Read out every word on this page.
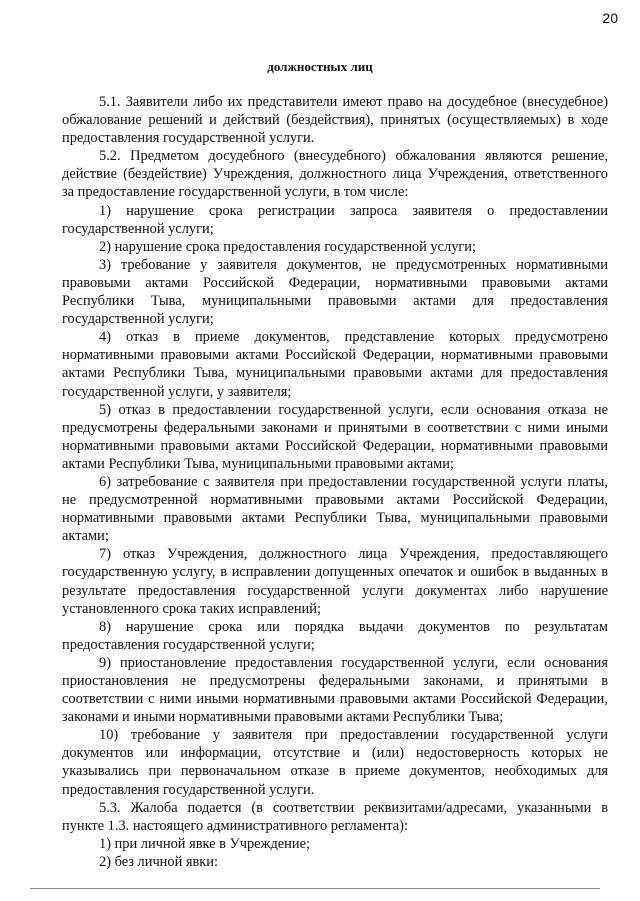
20
должностных лиц

5.1. Заявители либо их представители имеют право на досудебное (внесудебное) обжалование решений и действий (бездействия), принятых (осуществляемых) в ходе предоставления государственной услуги.

5.2. Предметом досудебного (внесудебного) обжалования являются решение, действие (бездействие) Учреждения, должностного лица Учреждения, ответственного за предоставление государственной услуги, в том числе:

1) нарушение срока регистрации запроса заявителя о предоставлении государственной услуги;

2) нарушение срока предоставления государственной услуги;

3) требование у заявителя документов, не предусмотренных нормативными правовыми актами Российской Федерации, нормативными правовыми актами Республики Тыва, муниципальными правовыми актами для предоставления государственной услуги;

4) отказ в приеме документов, представление которых предусмотрено нормативными правовыми актами Российской Федерации, нормативными правовыми актами Республики Тыва, муниципальными правовыми актами для предоставления государственной услуги, у заявителя;

5) отказ в предоставлении государственной услуги, если основания отказа не предусмотрены федеральными законами и принятыми в соответствии с ними иными нормативными правовыми актами Российской Федерации, нормативными правовыми актами Республики Тыва, муниципальными правовыми актами;

6) затребование с заявителя при предоставлении государственной услуги платы, не предусмотренной нормативными правовыми актами Российской Федерации, нормативными правовыми актами Республики Тыва, муниципальными правовыми актами;

7) отказ Учреждения, должностного лица Учреждения, предоставляющего государственную услугу, в исправлении допущенных опечаток и ошибок в выданных в результате предоставления государственной услуги документах либо нарушение установленного срока таких исправлений;

8) нарушение срока или порядка выдачи документов по результатам предоставления государственной услуги;

9) приостановление предоставления государственной услуги, если основания приостановления не предусмотрены федеральными законами, и принятыми в соответствии с ними иными нормативными правовыми актами Российской Федерации, законами и иными нормативными правовыми актами Республики Тыва;

10) требование у заявителя при предоставлении государственной услуги документов или информации, отсутствие и (или) недостоверность которых не указывались при первоначальном отказе в приеме документов, необходимых для предоставления государственной услуги.

5.3. Жалоба подается (в соответствии реквизитами/адресами, указанными в пункте 1.3. настоящего административного регламента):

1) при личной явке в Учреждение;

2) без личной явки:
